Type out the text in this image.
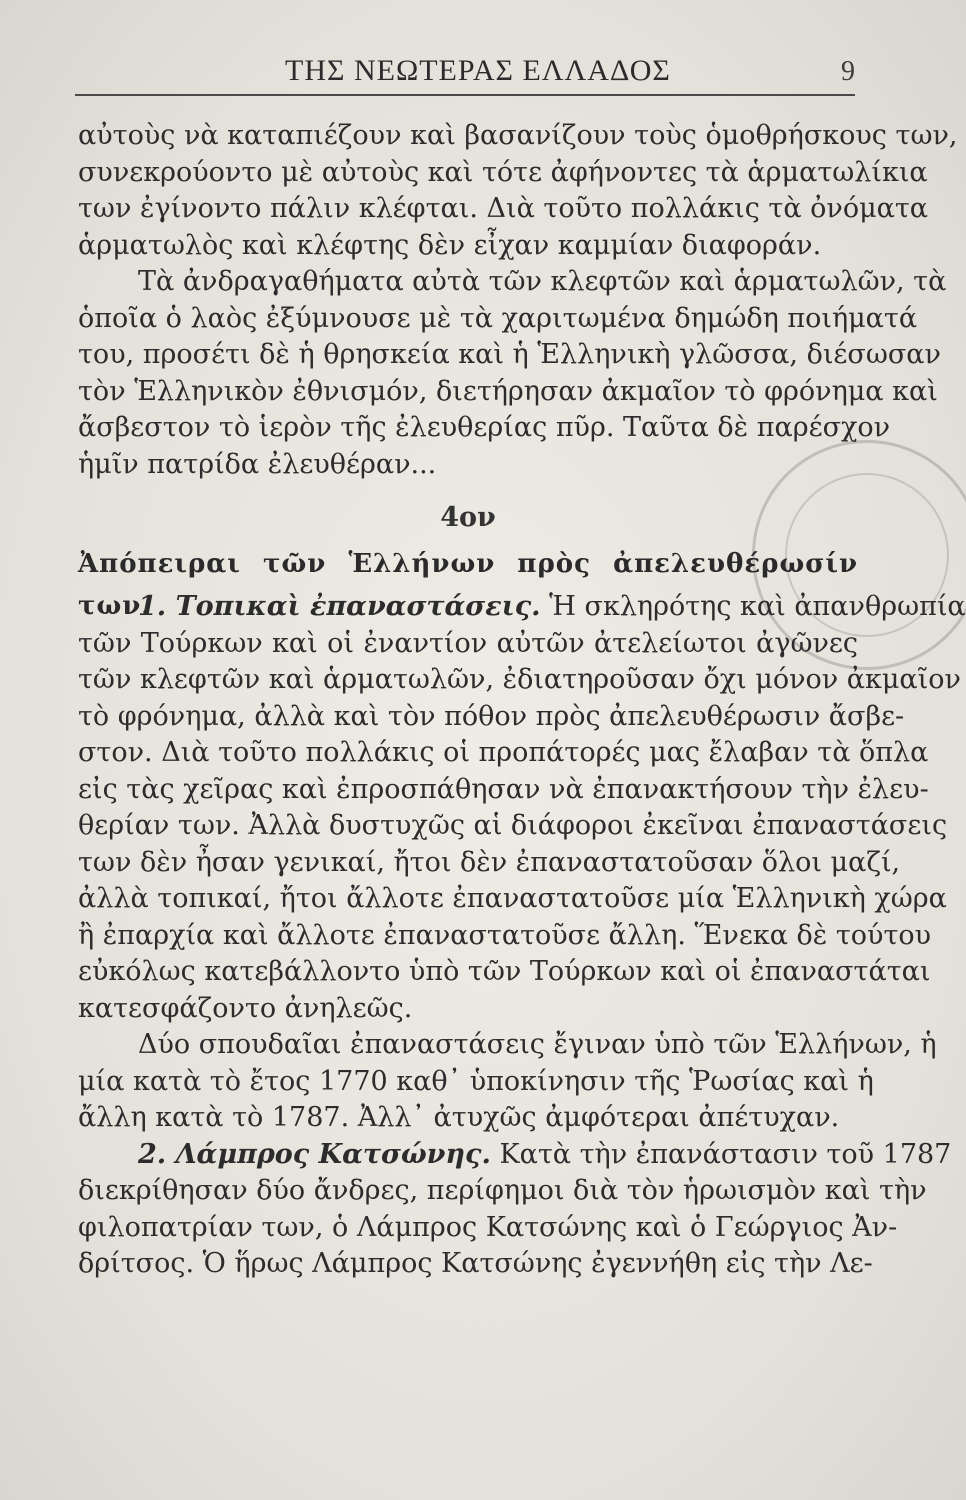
ΤΗΣ ΝΕΩΤΕΡΑΣ ΕΛΛΑΔΟΣ	9
αὐτοὺς νὰ καταπιέζουν καὶ βασανίζουν τοὺς ὁμοθρήσκους των,
συνεκρούοντο μὲ αὐτοὺς καὶ τότε ἀφήνοντες τὰ ἁρματωλίκια
των ἐγίνοντο πάλιν κλέφται. Διὰ τοῦτο πολλάκις τὰ ὀνόματα
ἁρματωλὸς καὶ κλέφτης δὲν εἶχαν καμμίαν διαφοράν.
Τὰ ἀνδραγαθήματα αὐτὰ τῶν κλεφτῶν καὶ ἁρματωλῶν, τὰ
ὁποῖα ὁ λαὸς ἐξύμνουσε μὲ τὰ χαριτωμένα δημώδη ποιήματά
του, προσέτι δὲ ἡ θρησκεία καὶ ἡ Ἑλληνικὴ γλῶσσα, διέσωσαν
τὸν Ἑλληνικὸν ἐθνισμόν, διετήρησαν ἀκμαῖον τὸ φρόνημα καὶ
ἄσβεστον τὸ ἱερὸν τῆς ἐλευθερίας πῦρ. Ταῦτα δὲ παρέσχον
ἡμῖν πατρίδα ἐλευθέραν...
4ον
Ἀπόπειραι τῶν Ἑλλήνων πρὸς ἀπελευθέρωσίν των.
1. Τοπικαὶ ἐπαναστάσεις. Ἡ σκληρότης καὶ ἀπανθρωπία
τῶν Τούρκων καὶ οἱ ἐναντίον αὐτῶν ἀτελείωτοι ἀγῶνες
τῶν κλεφτῶν καὶ ἁρματωλῶν, ἐδιατηροῦσαν ὄχι μόνον ἀκμαῖον
τὸ φρόνημα, ἀλλὰ καὶ τὸν πόθον πρὸς ἀπελευθέρωσιν ἄσβε-
στον. Διὰ τοῦτο πολλάκις οἱ προπάτορές μας ἔλαβαν τὰ ὅπλα
εἰς τὰς χεῖρας καὶ ἐπροσπάθησαν νὰ ἐπανακτήσουν τὴν ἐλευ-
θερίαν των. Ἀλλὰ δυστυχῶς αἱ διάφοροι ἐκεῖναι ἐπαναστάσεις
των δὲν ἦσαν γενικαί, ἤτοι δὲν ἐπαναστατοῦσαν ὅλοι μαζί,
ἀλλὰ τοπικαί, ἤτοι ἄλλοτε ἐπαναστατοῦσε μία Ἑλληνικὴ χώρα
ἢ ἐπαρχία καὶ ἄλλοτε ἐπαναστατοῦσε ἄλλη. Ἕνεκα δὲ τούτου
εὐκόλως κατεβάλλοντο ὑπὸ τῶν Τούρκων καὶ οἱ ἐπαναστάται
κατεσφάζοντο ἀνηλεῶς.
Δύο σπουδαῖαι ἐπαναστάσεις ἔγιναν ὑπὸ τῶν Ἑλλήνων, ἡ
μία κατὰ τὸ ἔτος 1770 καθ᾽ ὑποκίνησιν τῆς Ῥωσίας καὶ ἡ
ἄλλη κατὰ τὸ 1787. Ἀλλ᾽ ἀτυχῶς ἀμφότεραι ἀπέτυχαν.
2. Λάμπρος Κατσώνης. Κατὰ τὴν ἐπανάστασιν τοῦ 1787
διεκρίθησαν δύο ἄνδρες, περίφημοι διὰ τὸν ἡρωισμὸν καὶ τὴν
φιλοπατρίαν των, ὁ Λάμπρος Κατσώνης καὶ ὁ Γεώργιος Ἀν-
δρίτσος. Ὁ ἥρως Λάμπρος Κατσώνης ἐγεννήθη εἰς τὴν Λε-
